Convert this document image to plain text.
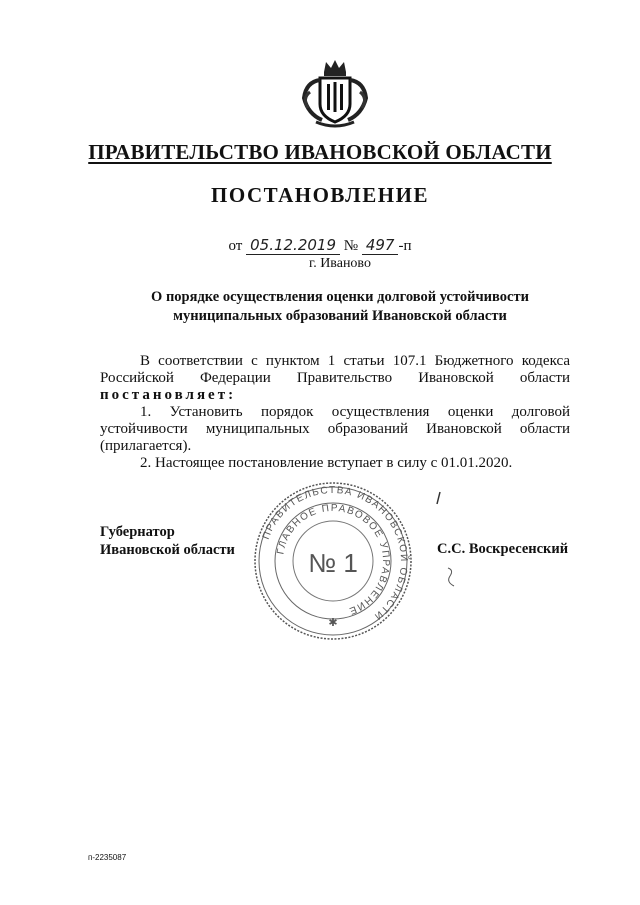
ПРАВИТЕЛЬСТВО ИВАНОВСКОЙ ОБЛАСТИ
ПОСТАНОВЛЕНИЕ
от 05.12.2019 № 497 -п
г. Иваново
О порядке осуществления оценки долговой устойчивости
муниципальных образований Ивановской области

В соответствии с пунктом 1 статьи 107.1 Бюджетного кодекса

Российской Федерации Правительство Ивановской области

постановляет:

1. Установить порядок осуществления оценки долговой

устойчивости муниципальных образований Ивановской области

(прилагается).

2. Настоящее постановление вступает в силу с 01.01.2020.

ПРАВИТЕЛЬСТВА ИВАНОВСКОЙ ОБЛАСТИ
ГЛАВНОЕ ПРАВОВОЕ УПРАВЛЕНИЕ
№ 1
✱
Губернатор
Ивановской области	С.С. Воскресенский
п-2235087
